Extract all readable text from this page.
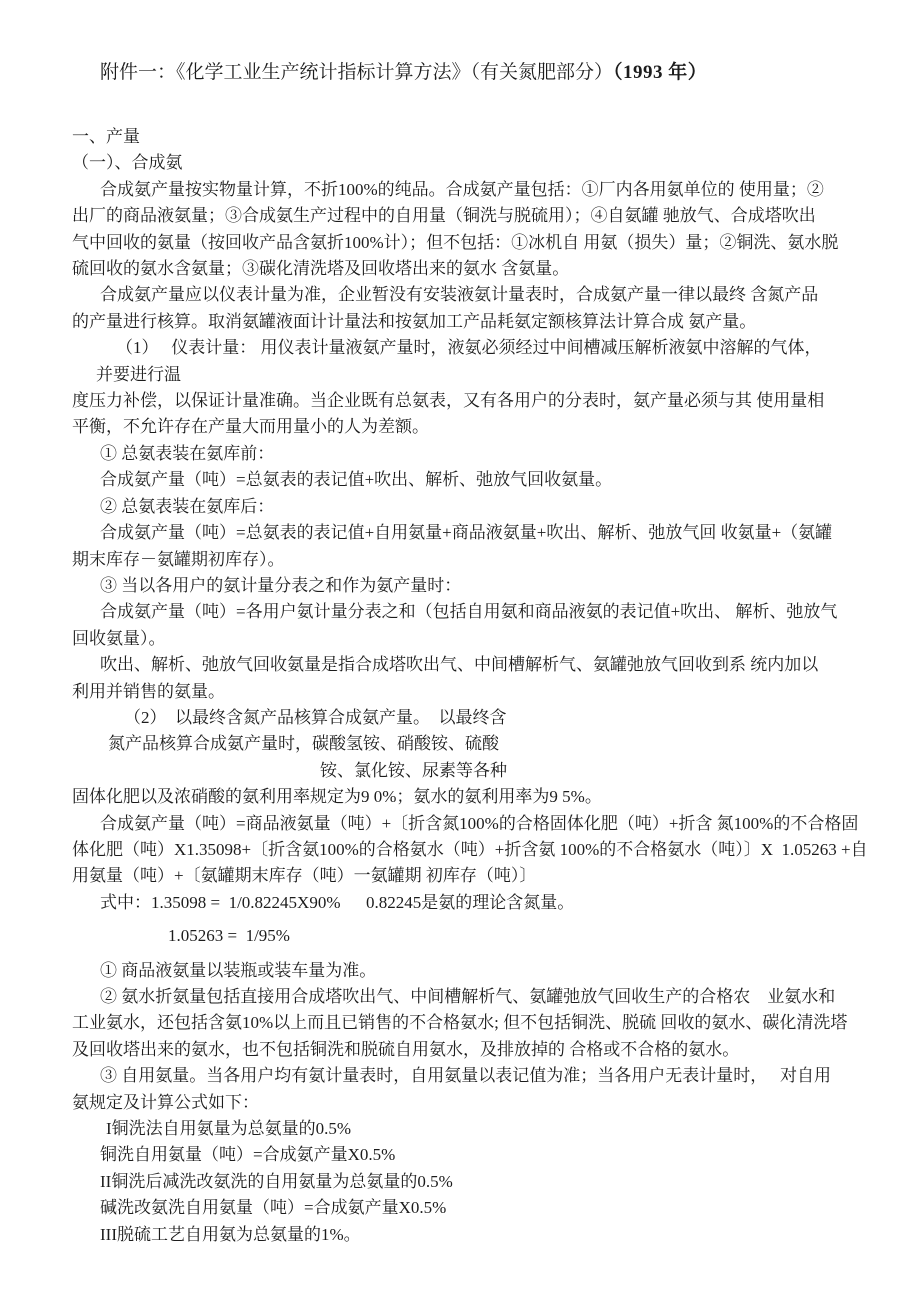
附件一：《化学工业生产统计指标计算方法》（有关氮肥部分）（1993 年）
一、产量
（一）、合成氨
合成氨产量按实物量计算，不折100%的纯品。合成氨产量包括：①厂内各用氨单位的 使用量；②
出厂的商品液氨量；③合成氨生产过程中的自用量（铜洗与脱硫用）；④自氨罐 驰放气、合成塔吹出
气中回收的氨量（按回收产品含氨折100%计）；但不包括：①冰机自 用氨（损失）量；②铜洗、氨水脱
硫回收的氨水含氨量；③碳化清洗塔及回收塔出来的氨水 含氨量。
合成氨产量应以仪表计量为准，企业暂没有安装液氨计量表时，合成氨产量一律以最终 含氮产品
的产量进行核算。取消氨罐液面计计量法和按氨加工产品耗氨定额核算法计算合成 氨产量。
（1）　 仪表计量： 用仪表计量液氨产量时，液氨必须经过中间槽减压解析液氨中溶解的气体，
并要进行温
度压力补偿，以保证计量准确。当企业既有总氨表，又有各用户的分表时，氨产量必须与其 使用量相
平衡，不允许存在产量大而用量小的人为差额。
① 总氨表装在氨库前：
合成氨产量（吨）=总氨表的表记值+吹出、解析、弛放气回收氨量。
② 总氨表装在氨库后：
合成氨产量（吨）=总氨表的表记值+自用氨量+商品液氨量+吹出、解析、弛放气回 收氨量+（氨罐
期末库存－氨罐期初库存）。
③ 当以各用户的氨计量分表之和作为氨产量时：
合成氨产量（吨）=各用户氨计量分表之和（包括自用氨和商品液氨的表记值+吹出、 解析、弛放气
回收氨量）。
吹出、解析、弛放气回收氨量是指合成塔吹出气、中间槽解析气、氨罐弛放气回收到系 统内加以
利用并销售的氨量。
（2）　以最终含氮产品核算合成氨产量。　以最终含
氮产品核算合成氨产量时，碳酸氢铵、硝酸铵、硫酸
铵、氯化铵、尿素等各种
固体化肥以及浓硝酸的氨利用率规定为9 0%；氨水的氨利用率为9 5%。
合成氨产量（吨）=商品液氨量（吨）+〔折含氮100%的合格固体化肥（吨）+折含 氮100%的不合格固
体化肥（吨）X1.35098+〔折含氨100%的合格氨水（吨）+折含氨 100%的不合格氨水（吨）〕X  1.05263 +自
用氨量（吨）+〔氨罐期末库存（吨）一氨罐期 初库存（吨）〕
式中：1.35098 =  1/0.82245X90%      0.82245是氨的理论含氮量。
1.05263 =  1/95%
① 商品液氨量以装瓶或装车量为准。
② 氨水折氨量包括直接用合成塔吹出气、中间槽解析气、氨罐弛放气回收生产的合格农　业氨水和
工业氨水，还包括含氨10%以上而且已销售的不合格氨水; 但不包括铜洗、脱硫 回收的氨水、碳化清洗塔
及回收塔出来的氨水，也不包括铜洗和脱硫自用氨水，及排放掉的 合格或不合格的氨水。
③ 自用氨量。当各用户均有氨计量表时，自用氨量以表记值为准；当各用户无表计量时，　 对自用
氨规定及计算公式如下：
I铜洗法自用氨量为总氨量的0.5%
铜洗自用氨量（吨）=合成氨产量X0.5%
II铜洗后减洗改氨洗的自用氨量为总氨量的0.5%
碱洗改氨洗自用氨量（吨）=合成氨产量X0.5%
III脱硫工艺自用氨为总氨量的1%。
